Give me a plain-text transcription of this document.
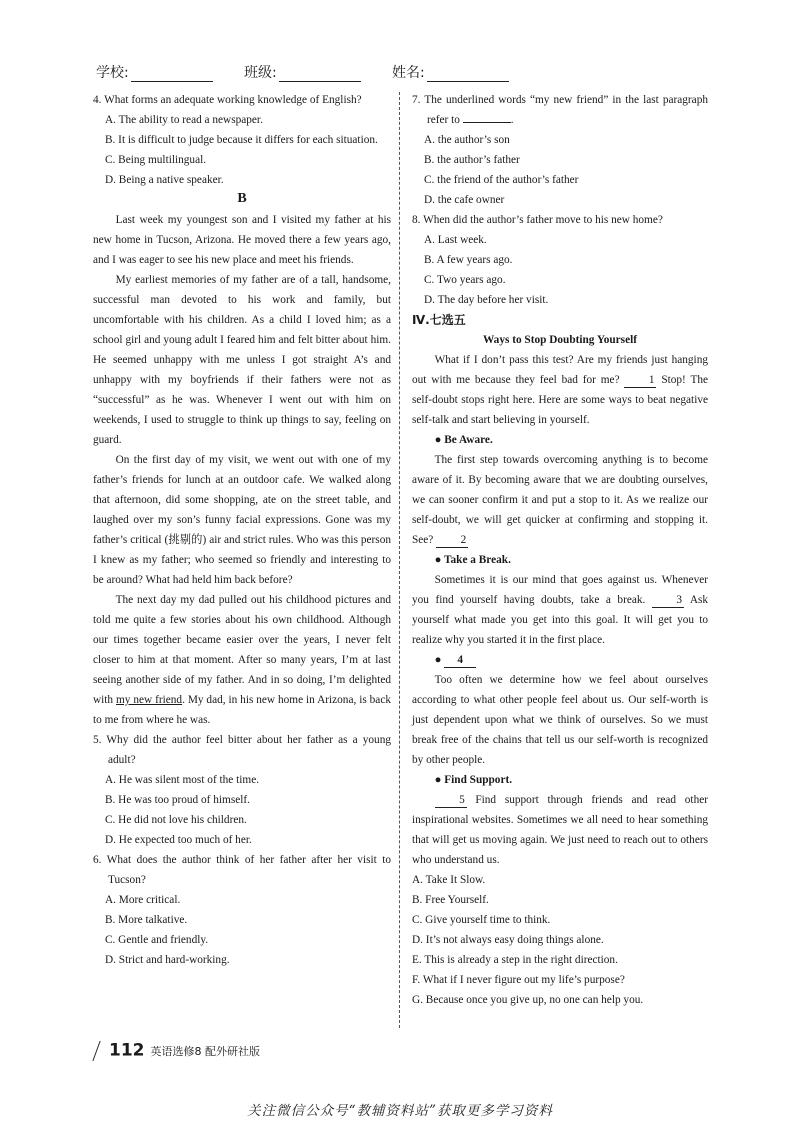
学校:	班级:	姓名:
4. What forms an adequate working knowledge of English?
A. The ability to read a newspaper.
B. It is difficult to judge because it differs for each situation.
C. Being multilingual.
D. Being a native speaker.
B

Last week my youngest son and I visited my father at his new home in Tucson, Arizona. He moved there a few years ago, and I was eager to see his new place and meet his friends.

My earliest memories of my father are of a tall, handsome, successful man devoted to his work and family, but uncomfortable with his children. As a child I loved him; as a school girl and young adult I feared him and felt bitter about him. He seemed unhappy with me unless I got straight A’s and unhappy with my boyfriends if their fathers were not as “successful” as he was. Whenever I went out with him on weekends, I used to struggle to think up things to say, feeling on guard.

On the first day of my visit, we went out with one of my father’s friends for lunch at an outdoor cafe. We walked along that afternoon, did some shopping, ate on the street table, and laughed over my son’s funny facial expressions. Gone was my father’s critical (挑剔的) air and strict rules. Who was this person I knew as my father; who seemed so friendly and interesting to be around? What had held him back before?

The next day my dad pulled out his childhood pictures and told me quite a few stories about his own childhood. Although our times together became easier over the years, I never felt closer to him at that moment. After so many years, I’m at last seeing another side of my father. And in so doing, I’m delighted with my new friend. My dad, in his new home in Arizona, is back to me from where he was.

5. Why did the author feel bitter about her father as a young adult?
A. He was silent most of the time.
B. He was too proud of himself.
C. He did not love his children.
D. He expected too much of her.
6. What does the author think of her father after her visit to Tucson?
A. More critical.
B. More talkative.
C. Gentle and friendly.
D. Strict and hard-working.
7. The underlined words “my new friend” in the last paragraph refer to	.
A. the author’s son
B. the author’s father
C. the friend of the author’s father
D. the cafe owner
8. When did the author’s father move to his new home?
A. Last week.
B. A few years ago.
C. Two years ago.
D. The day before her visit.
Ⅳ.七选五
Ways to Stop Doubting Yourself

What if I don’t pass this test? Are my friends just hanging out with me because they feel bad for me?	1 Stop! The self-doubt stops right here. Here are some ways to beat negative self-talk and start believing in yourself.

● Be Aware.

The first step towards overcoming anything is to become aware of it. By becoming aware that we are doubting ourselves, we can sooner confirm it and put a stop to it. As we realize our self-doubt, we will get quicker at confirming and stopping it. See? 2

● Take a Break.

Sometimes it is our mind that goes against us. Whenever you find yourself having doubts, take a break.	3 Ask yourself what made you get into this goal. It will get you to realize why you started it in the first place.

● 4

Too often we determine how we feel about ourselves according to what other people feel about us. Our self-worth is just dependent upon what we think of ourselves. So we must break free of the chains that tell us our self-worth is recognized by other people.

● Find Support.

5 Find support through friends and read other inspirational websites. Sometimes we all need to hear something that will get us moving again. We just need to reach out to others who understand us.

A. Take It Slow.
B. Free Yourself.
C. Give yourself time to think.
D. It’s not always easy doing things alone.
E. This is already a step in the right direction.
F. What if I never figure out my life’s purpose?
G. Because once you give up, no one can help you.
112 英语选修8 配外研社版
关注微信公众号“教辅资料站”获取更多学习资料
